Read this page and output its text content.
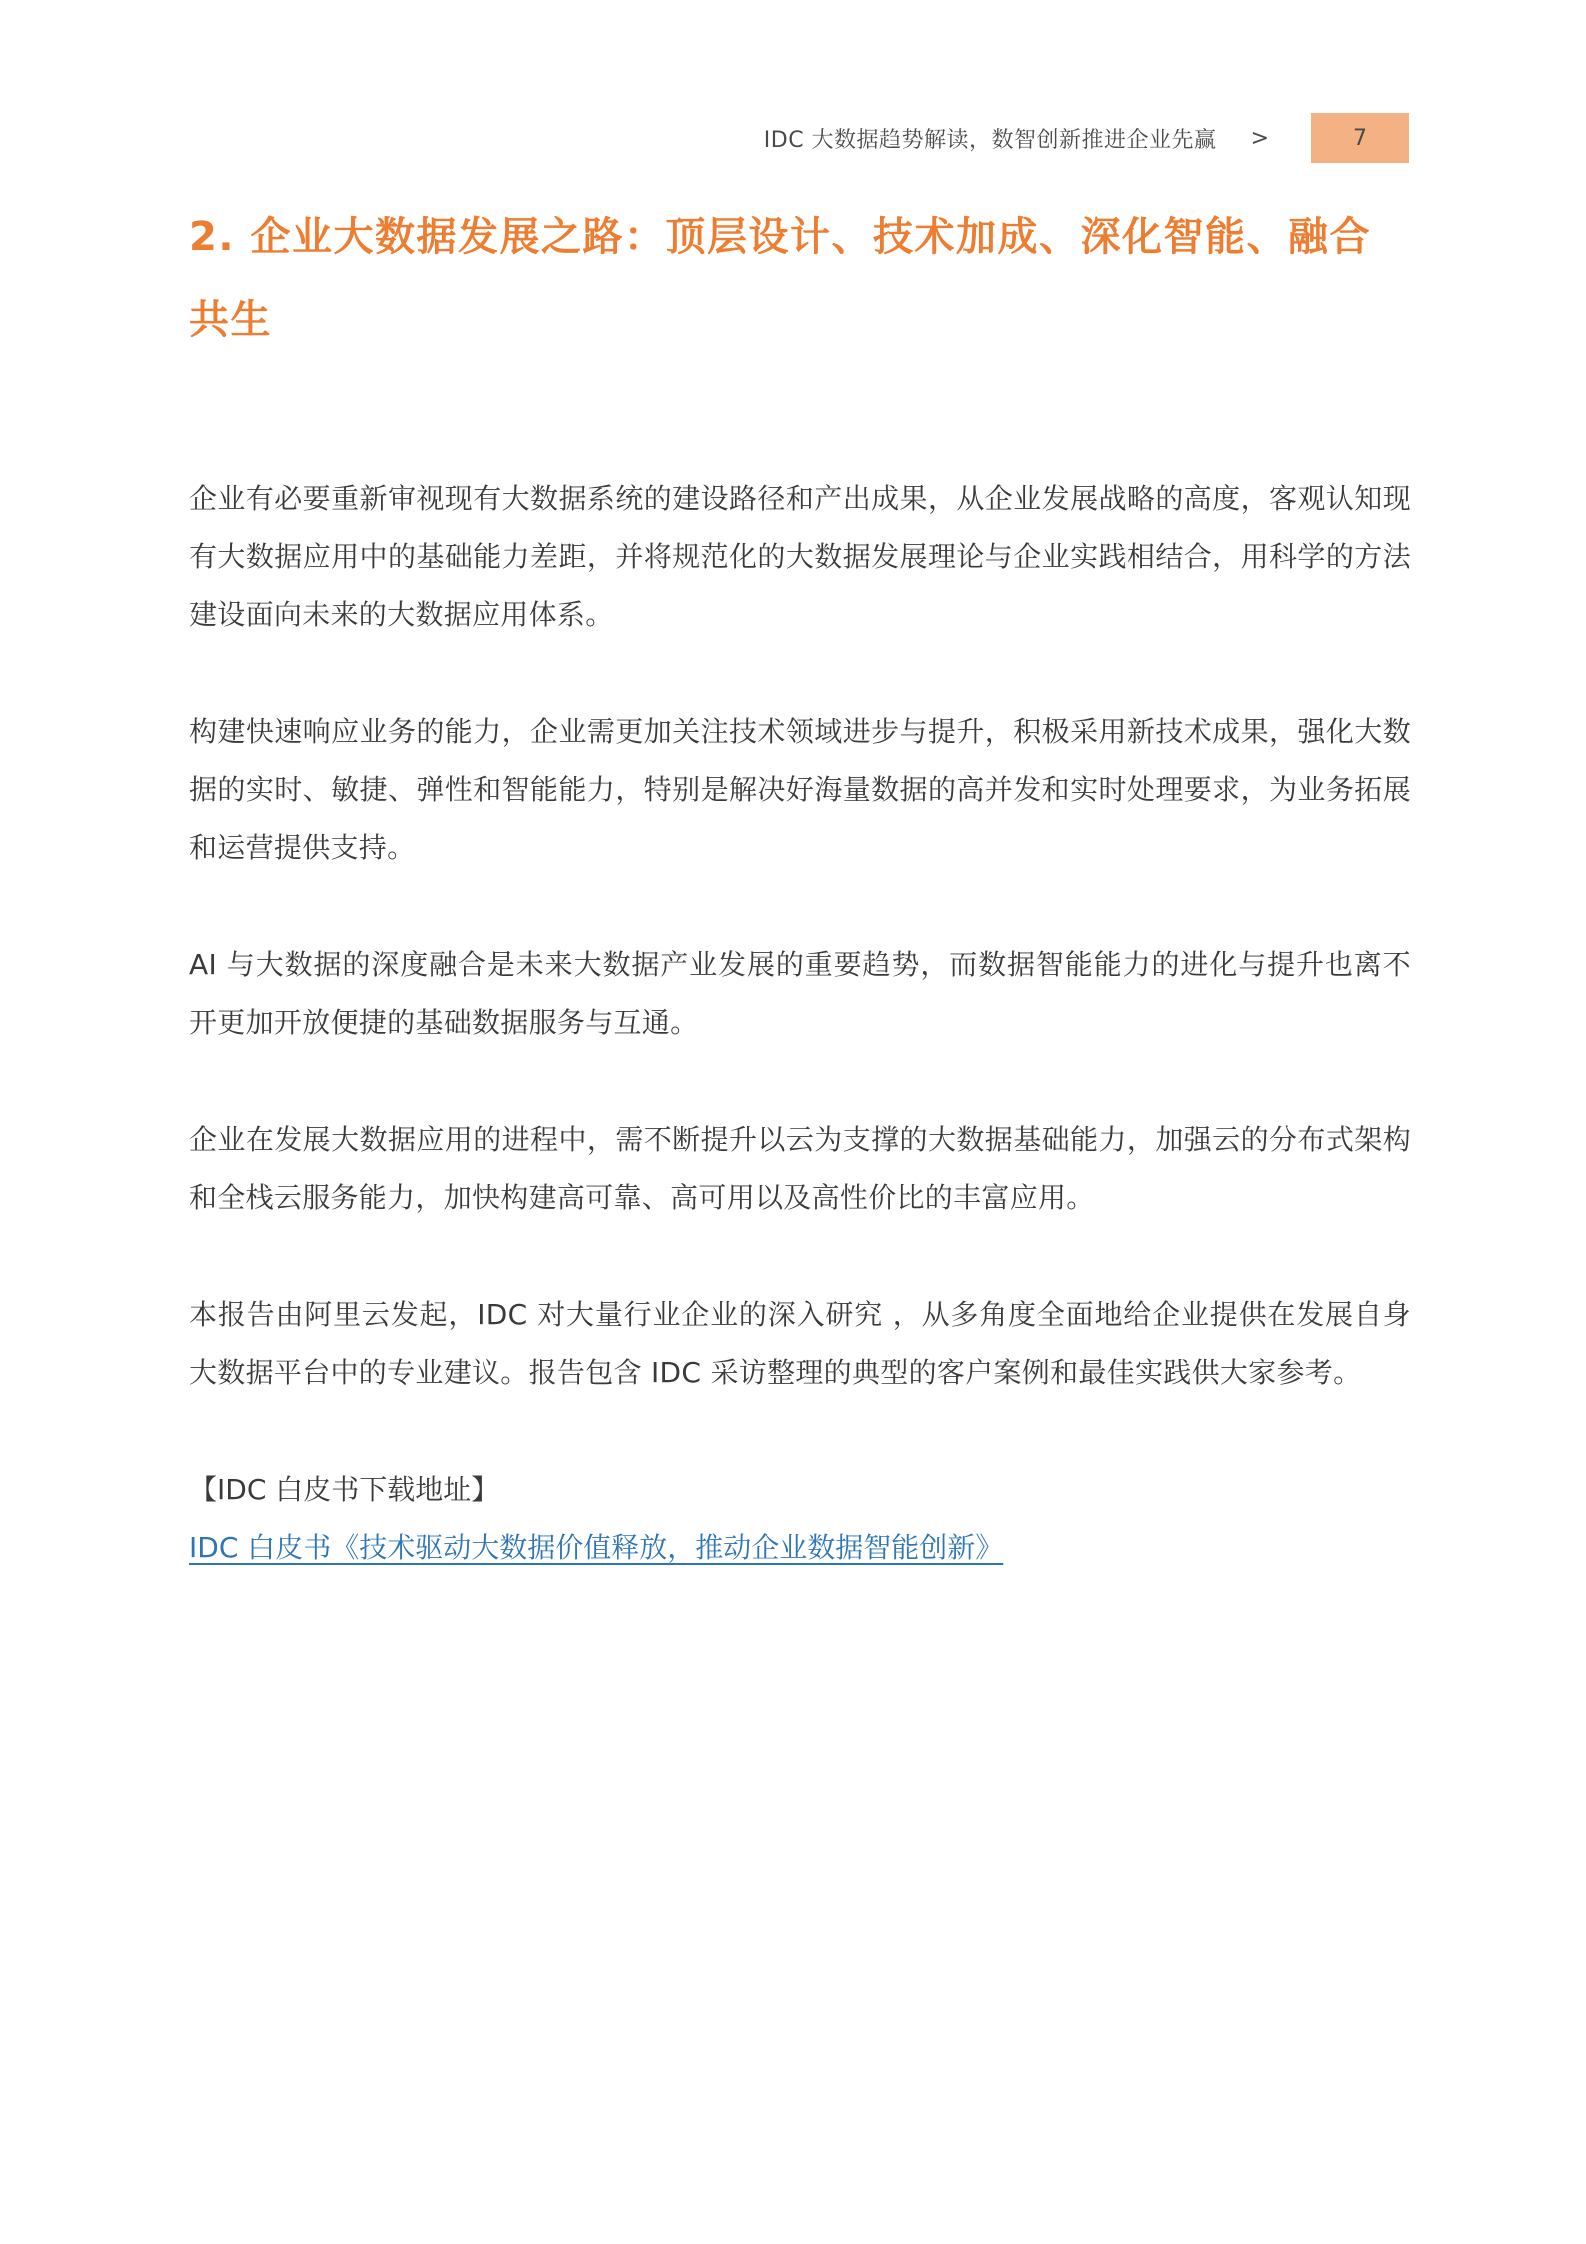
IDC 大数据趋势解读，数智创新推进企业先赢 >	7
2. 企业大数据发展之路：顶层设计、技术加成、深化智能、融合共生

企业有必要重新审视现有大数据系统的建设路径和产出成果，从企业发展战略的高度，客观认知现有大数据应用中的基础能力差距，并将规范化的大数据发展理论与企业实践相结合，用科学的方法建设面向未来的大数据应用体系。

构建快速响应业务的能力，企业需更加关注技术领域进步与提升，积极采用新技术成果，强化大数据的实时、敏捷、弹性和智能能力，特别是解决好海量数据的高并发和实时处理要求，为业务拓展和运营提供支持。

AI 与大数据的深度融合是未来大数据产业发展的重要趋势，而数据智能能力的进化与提升也离不开更加开放便捷的基础数据服务与互通。

企业在发展大数据应用的进程中，需不断提升以云为支撑的大数据基础能力，加强云的分布式架构和全栈云服务能力，加快构建高可靠、高可用以及高性价比的丰富应用。

本报告由阿里云发起，IDC 对大量行业企业的深入研究 ，从多角度全面地给企业提供在发展自身大数据平台中的专业建议。报告包含 IDC 采访整理的典型的客户案例和最佳实践供大家参考。

【IDC 白皮书下载地址】

IDC 白皮书《技术驱动大数据价值释放，推动企业数据智能创新》
